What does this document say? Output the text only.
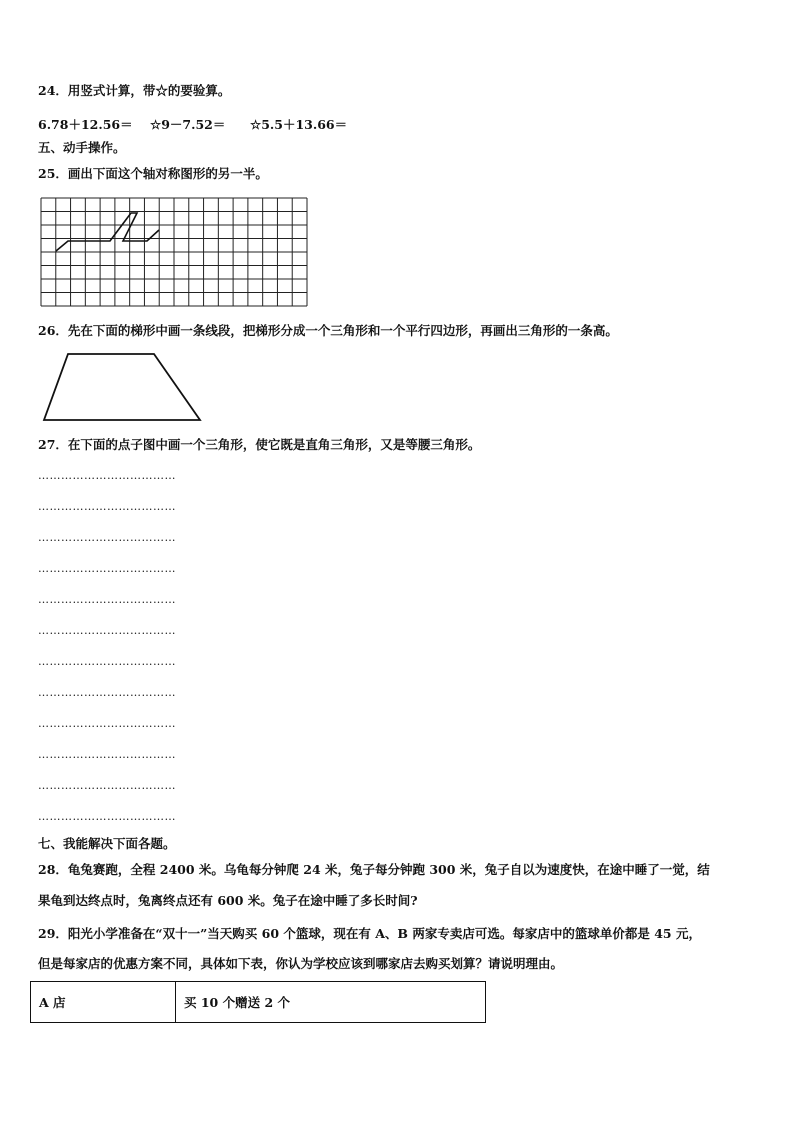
24．用竖式计算，带☆的要验算。
6.78＋12.56＝ ☆9－7.52＝ ☆5.5＋13.66＝
五、动手操作。
25．画出下面这个轴对称图形的另一半。
26．先在下面的梯形中画一条线段，把梯形分成一个三角形和一个平行四边形，再画出三角形的一条高。
27．在下面的点子图中画一个三角形，使它既是直角三角形，又是等腰三角形。
………………………………
………………………………
………………………………
………………………………
………………………………
………………………………
………………………………
………………………………
………………………………
………………………………
………………………………
………………………………
七、我能解决下面各题。
28．龟兔赛跑，全程 2400 米。乌龟每分钟爬 24 米，兔子每分钟跑 300 米，兔子自以为速度快，在途中睡了一觉，结
果龟到达终点时，兔离终点还有 600 米。兔子在途中睡了多长时间?
29．阳光小学准备在“双十一”当天购买 60 个篮球，现在有 A、B 两家专卖店可选。每家店中的篮球单价都是 45 元，
但是每家店的优惠方案不同，具体如下表，你认为学校应该到哪家店去购买划算？请说明理由。
A 店	买 10 个赠送 2 个
